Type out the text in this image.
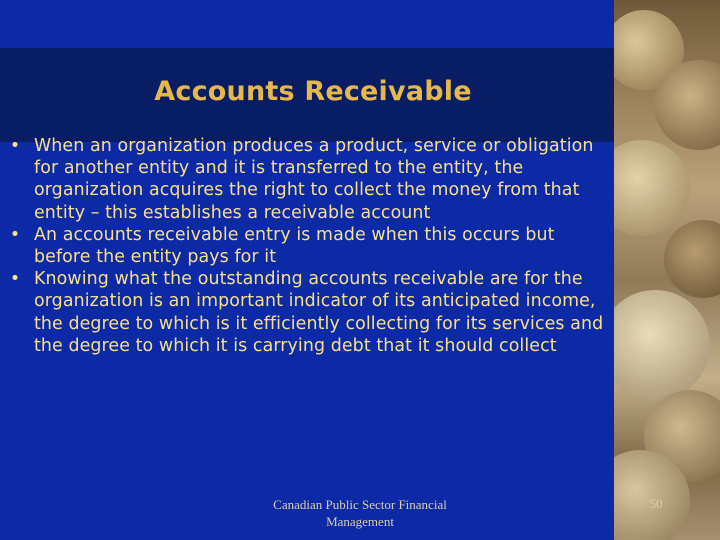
Accounts Receivable
• When an organization produces a product, service or obligation for another entity and it is transferred to the entity, the organization acquires the right to collect the money from that entity – this establishes a receivable account
• An accounts receivable entry is made when this occurs but before the entity pays for it
• Knowing what the outstanding accounts receivable are for the organization is an important indicator of its anticipated income, the degree to which is it efficiently collecting for its services and the degree to which it is carrying debt that it should collect
Canadian Public Sector Financial Management
50
